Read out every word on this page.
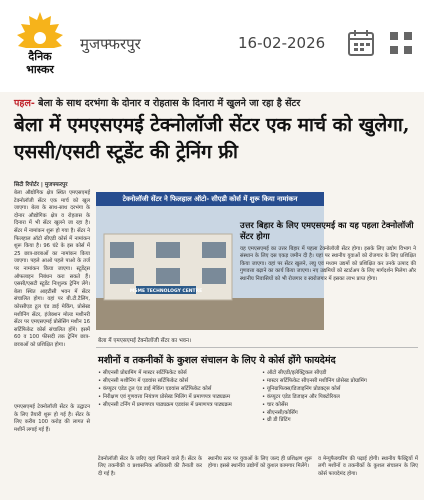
दैनिक
भास्कर
मुजफ्फरपुर	16-02-2026
पहल- बेला के साथ दरभंगा के दोनार व रोहतास के दिनारा में खुलने जा रहा है सेंटर
बेला में एमएसएमई टेक्नोलॉजी सेंटर एक मार्च को खुलेगा, एससी/एसटी स्टूडेंट की ट्रेनिंग फ्री
सिटी रिपोर्टर | मुजफ्फरपुर
बेला औद्योगिक क्षेत्र स्थित एमएसएमई टेक्नोलॉजी सेंटर एक मार्च को खुल जाएगा। बेला के साथ-साथ दरभंगा के दोनार औद्योगिक क्षेत्र व रोहतास के दिनारा में भी सेंटर खुलने जा रहा है। सेंटर में नामांकन शुरू हो गया है। सेंटर ने फिलहाल ऑटो सीएडी कोर्स में नामांकन शुरू किया है। 96 घंटे के इस कोर्स में 25 छात्र-छात्राओं का नामांकन किया जाएगा। पहले आओ पहले पाओ के तर्ज पर नामांकन किया जाएगा। स्टूडेंट्स ऑफलाइन निबंधन करा सकते हैं। एससी/एसटी स्टूडेंट निःशुल्क ट्रेनिंग लेंगे। बेला स्थित आइटीसी भवन में सेंटर संचालित होगा। वहां पर बी.टी.टैलिंग, कोरसीएड टूल एंड डाई मेकिंग, प्रोसेस्ड मशीनिंग सेंटर, इंजेक्शन मोल्ड मशीनरी सेंटर पर एमएसएमई प्रोसेसिंग मशीन 16 सर्टिफिकेट कोर्स संचालित होंगे। इसमें 60 व 100 फीसदी तक ट्रेनिंग छात्र-छात्राओं को प्रशिक्षित होगा।
एमएसएमई टेक्नोलॉजी सेंटर के उद्घाटन के लिए तैयारी शुरू हो गई है। सेंटर के लिए करीब 100 करोड़ की लागत से मशीनें लगाई गई हैं।
टेक्नोलॉजी सेंटर ने फिलहाल ऑटो- सीएडी कोर्स में शुरू किया नामांकन
MSME TECHNOLOGY CENTRE
बेला में एमएसएमई टेक्नोलॉजी सेंटर का भवन।
उत्तर बिहार के लिए एमएसएमई का यह पहला टेक्नोलॉजी सेंटर होगा
यह एमएसएमई का उत्तर बिहार में पहला टेक्नोलॉजी सेंटर होगा। इसके लिए उद्योग विभाग ने संस्थान के लिए दस एकड़ जमीन दी है। यहां पर स्थानीय युवाओं को रोजगार के लिए प्रशिक्षित किया जाएगा। वहां पर सेंटर खुलने, लघु एवं मध्यम उद्यमों को प्रशिक्षित कर उनके उत्पाद की गुणवत्ता बढ़ाने का कार्य किया जाएगा। नए उद्यमियों को स्टार्टअप के लिए मार्गदर्शन मिलेगा और स्थानीय निवासियों को भी रोजगार व स्वरोजगार में इसका लाभ प्राप्त होगा।
मशीनों व तकनीकों के कुशल संचालन के लिए ये कोर्स होंगे फायदेमंद
• सीएनसी प्रोग्रामिंग में मास्टर सर्टिफिकेट कोर्स
• सीएनसी मशीनिंग में एडवांस सर्टिफिकेट कोर्स
• कंप्यूटर एडेड टूल एंड डाई मेकिंग एडवांस सर्टिफिकेट कोर्स
• निरीक्षण एवं गुणवत्ता नियंत्रण प्रोसेस्ड मिलिंग में प्रमाणपत्र पाठ्यक्रम
• सीएनसी टर्निंग में प्रमाणपत्र पाठ्यक्रम एडवांस में प्रमाणपत्र पाठ्यक्रम
• ऑटो सीएडी/इलेक्ट्रिकल सीएडी
• मास्टर सर्टिफिकेट सीएनसी मशीनिंग प्रोसेस्ड प्रोग्रामिंग
• यूनिग्राफिक्स/डिजाइनिंग प्रोडक्ट्स कोर्स
• कंप्यूटर एडेड डिजाइन और पिक्टोरियल
• चार कोर्सेस
• सीएनसी/कोर्सिंग
• थ्री डी प्रिंटिंग
टेक्नोलॉजी सेंटर के जरिए यहां मिलाने वाले हैं। सेंटर के लिए तकनीकी व प्रशासनिक अधिकारी की तैनाती कर दी गई है।
स्थानीय स्तर पर युवाओं के लिए जल्द ही प्रशिक्षण शुरू होगा। इससे स्थानीय उद्योगों को कुशल कामगार मिलेंगे।
व मेन्युफैक्चरिंग की पढ़ाई होगी। स्थानीय फैक्ट्रियों में लगी मशीनों व तकनीकों के कुशल संचालन के लिए कोर्स फायदेमंद होगा।
